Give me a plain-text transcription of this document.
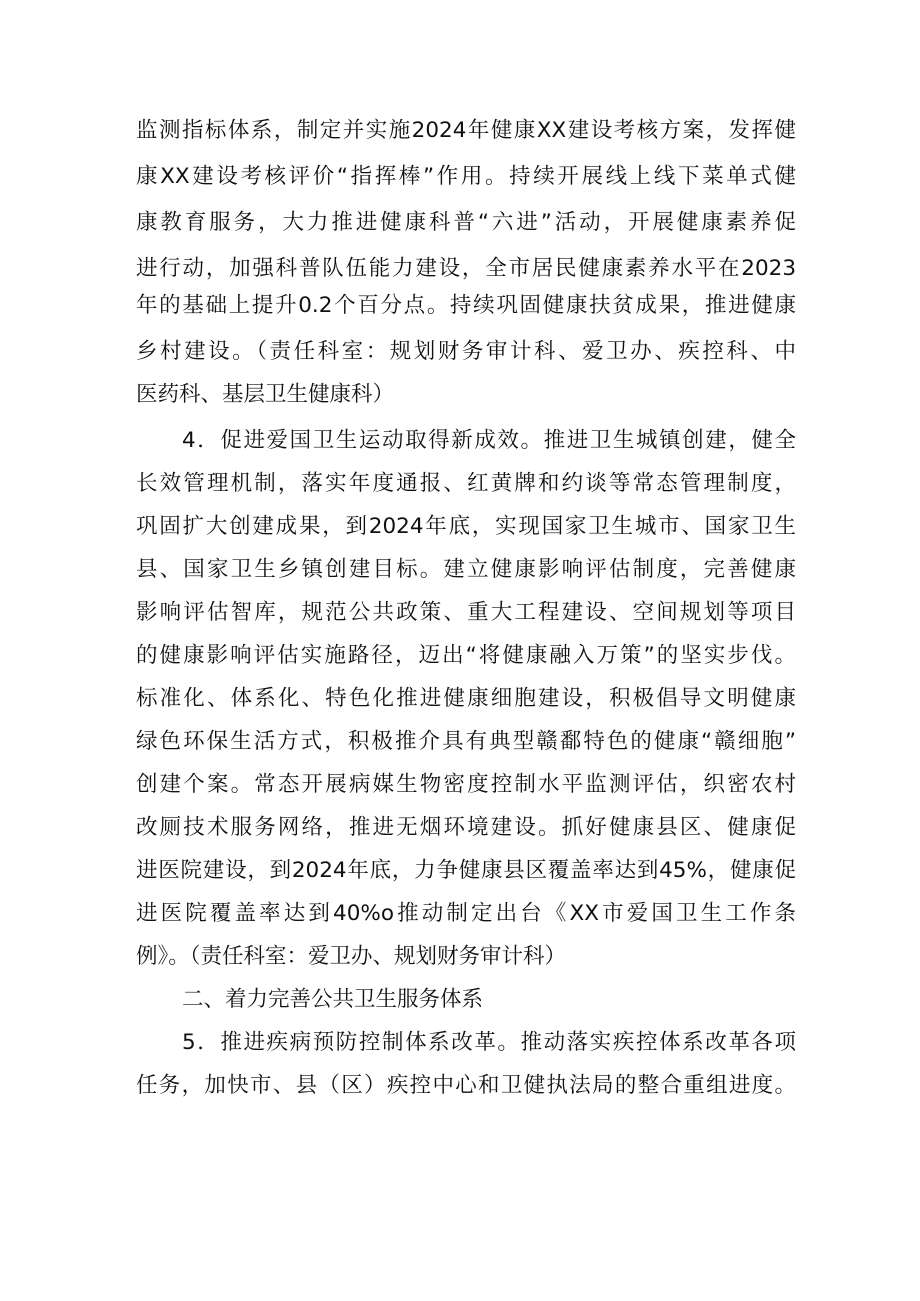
监测指标体系，制定并实施2024年健康XX建设考核方案，发挥健
康XX建设考核评价“指挥棒”作用。持续开展线上线下菜单式健
康教育服务，大力推进健康科普“六进”活动，开展健康素养促
进行动，加强科普队伍能力建设，全市居民健康素养水平在2023
年的基础上提升0.2个百分点。持续巩固健康扶贫成果，推进健康
乡村建设。（责任科室：规划财务审计科、爱卫办、疾控科、中
医药科、基层卫生健康科）
4．促进爱国卫生运动取得新成效。推进卫生城镇创建，健全
长效管理机制，落实年度通报、红黄牌和约谈等常态管理制度，
巩固扩大创建成果，到2024年底，实现国家卫生城市、国家卫生
县、国家卫生乡镇创建目标。建立健康影响评估制度，完善健康
影响评估智库，规范公共政策、重大工程建设、空间规划等项目
的健康影响评估实施路径，迈出“将健康融入万策”的坚实步伐。
标准化、体系化、特色化推进健康细胞建设，积极倡导文明健康
绿色环保生活方式，积极推介具有典型赣鄱特色的健康“赣细胞”
创建个案。常态开展病媒生物密度控制水平监测评估，织密农村
改厕技术服务网络，推进无烟环境建设。抓好健康县区、健康促
进医院建设，到2024年底，力争健康县区覆盖率达到45%，健康促
进医院覆盖率达到40%o推动制定出台《XX市爱国卫生工作条
例》。（责任科室：爱卫办、规划财务审计科）
二、着力完善公共卫生服务体系
5．推进疾病预防控制体系改革。推动落实疾控体系改革各项
任务，加快市、县（区）疾控中心和卫健执法局的整合重组进度。
